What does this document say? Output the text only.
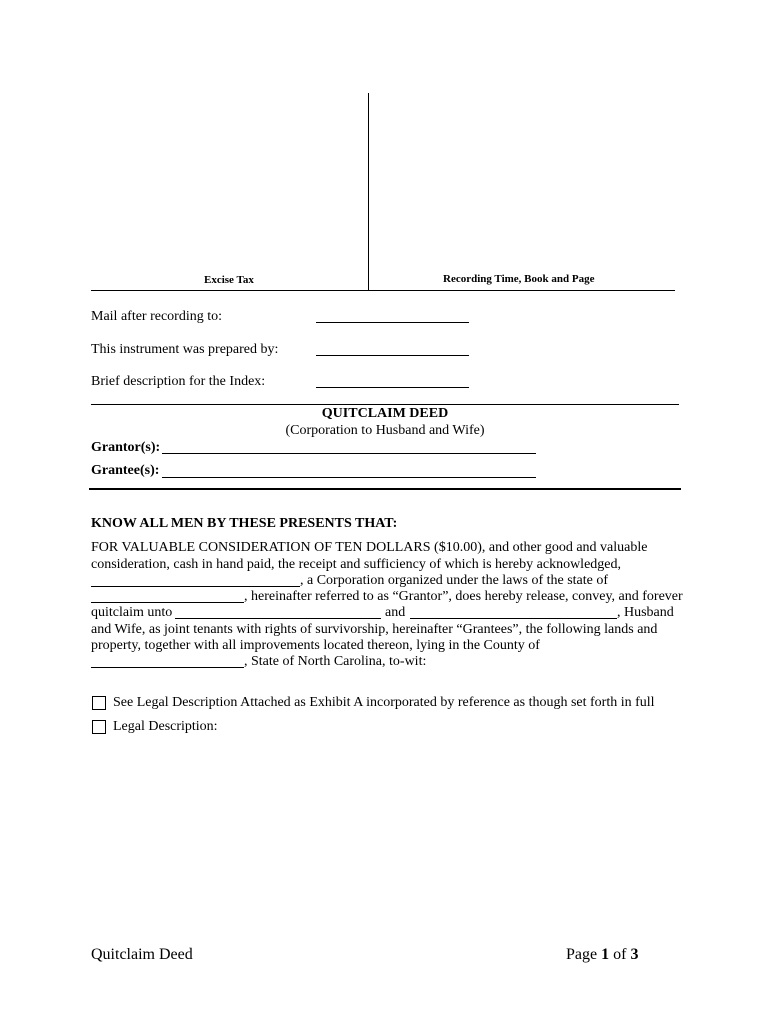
Excise Tax	Recording Time, Book and Page
Mail after recording to:
This instrument was prepared by:
Brief description for the Index:
QUITCLAIM DEED
(Corporation to Husband and Wife)
Grantor(s):
Grantee(s):
KNOW ALL MEN BY THESE PRESENTS THAT:
FOR VALUABLE CONSIDERATION OF TEN DOLLARS ($10.00), and other good and valuable
consideration, cash in hand paid, the receipt and sufficiency of which is hereby acknowledged,
, a Corporation organized under the laws of the state of
, hereinafter referred to as “Grantor”, does hereby release, convey, and forever
quitclaim unto	and	, Husband
and Wife, as joint tenants with rights of survivorship, hereinafter “Grantees”, the following lands and
property, together with all improvements located thereon, lying in the County of
, State of North Carolina, to-wit:
See Legal Description Attached as Exhibit A incorporated by reference as though set forth in full
Legal Description:
Quitclaim Deed	Page 1 of 3
